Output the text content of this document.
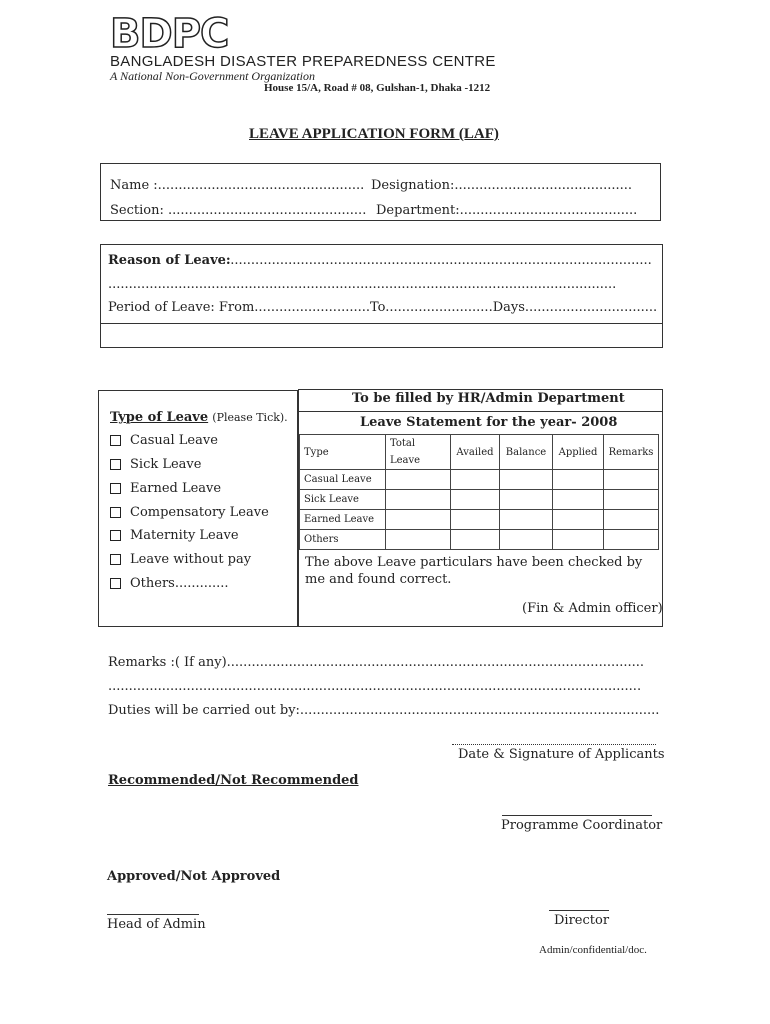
BDPC
BANGLADESH DISASTER PREPAREDNESS CENTRE
A National Non-Government Organization
House 15/A, Road # 08, Gulshan-1, Dhaka -1212
LEAVE APPLICATION FORM (LAF)
Name :.................................................. Designation:...........................................
Section: ................................................ Department:...........................................
Reason of Leave:
........................................................................................................
...........................................................................................................................
Period of Leave: From............................To..........................Days................................
Type of Leave (Please Tick).
Casual Leave
Sick Leave
Earned Leave
Compensatory Leave
Maternity Leave
Leave without pay
Others.............
To be filled by HR/Admin Department
Leave Statement for the year- 2008
Type	Total Leave	Availed	Balance	Applied	Remarks
Casual Leave					
Sick Leave					
Earned Leave					
Others					
The above Leave particulars have been checked by me and found correct.
(Fin & Admin officer)
Remarks :( If any).....................................................................................................
.................................................................................................................................
Duties will be carried out by:.......................................................................................
Date & Signature of Applicants
Recommended/Not Recommended
Programme Coordinator
Approved/Not Approved
Head of Admin	Director
Admin/confidential/doc.
